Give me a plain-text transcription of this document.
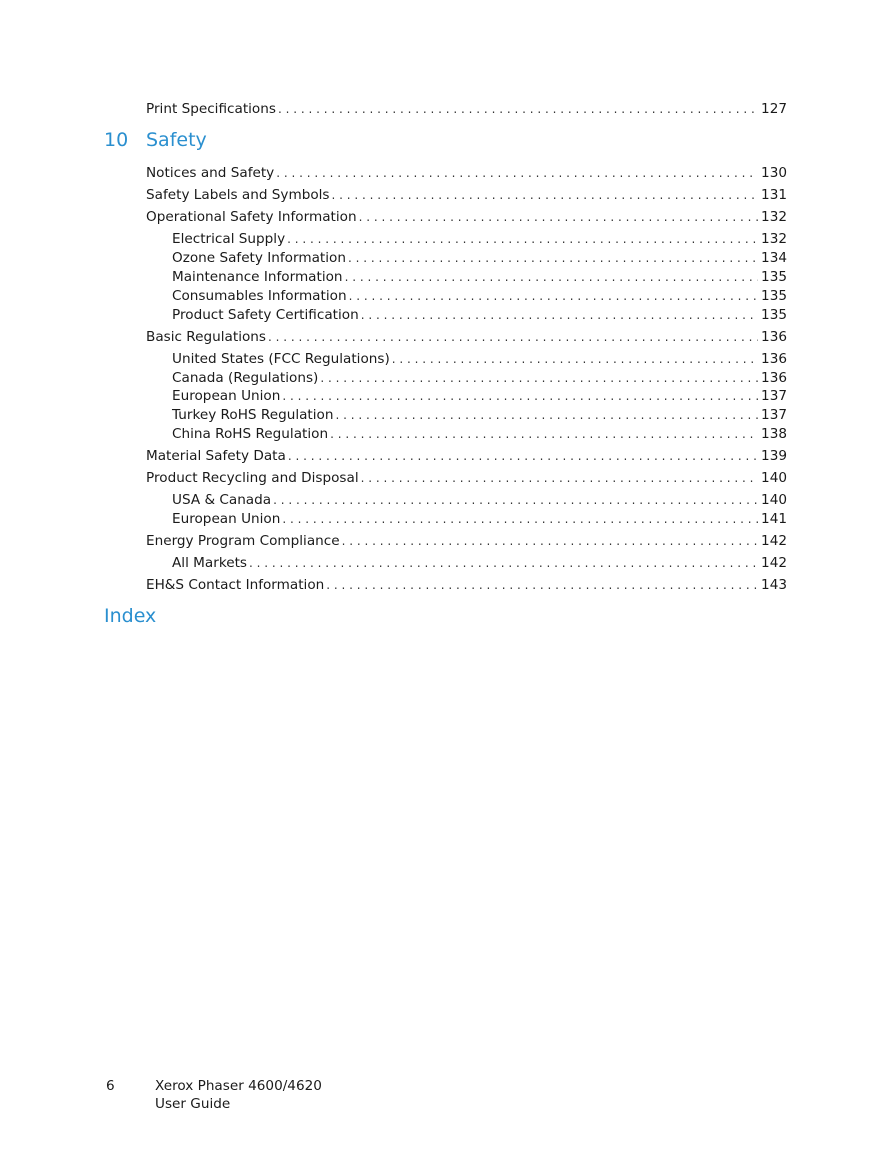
Print Specifications . . .	127
10 Safety
Notices and Safety . . .	130
Safety Labels and Symbols . . .	131
Operational Safety Information . . .	132
Electrical Supply . . .	132
Ozone Safety Information . . .	134
Maintenance Information . . .	135
Consumables Information . . .	135
Product Safety Certification . . .	135
Basic Regulations . . .	136
United States (FCC Regulations) . . .	136
Canada (Regulations) . . .	136
European Union . . .	137
Turkey RoHS Regulation . . .	137
China RoHS Regulation . . .	138
Material Safety Data . . .	139
Product Recycling and Disposal . . .	140
USA & Canada . . .	140
European Union . . .	141
Energy Program Compliance . . .	142
All Markets . . .	142
EH&S Contact Information . . .	143
Index
6	Xerox Phaser 4600/4620
User Guide
